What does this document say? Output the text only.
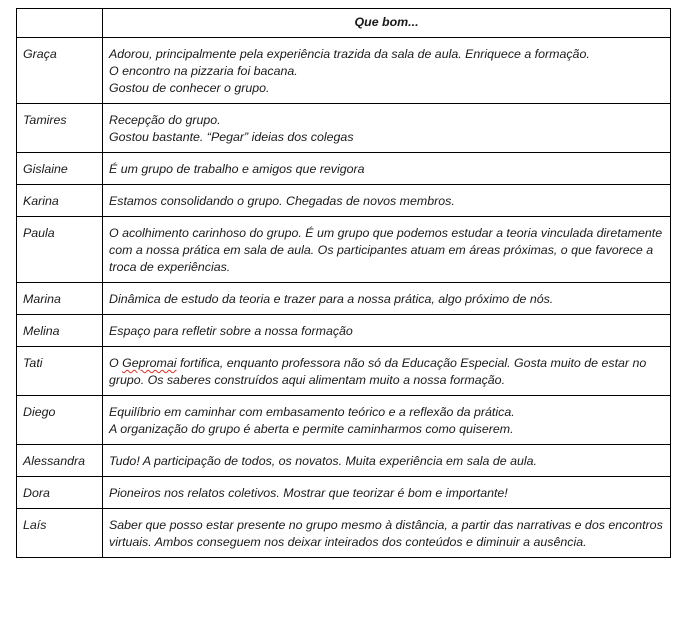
	Que bom...
Graça	Adorou, principalmente pela experiência trazida da sala de aula. Enriquece a formação.
O encontro na pizzaria foi bacana.
Gostou de conhecer o grupo.

Tamires	Recepção do grupo.
Gostou bastante. “Pegar” ideias dos colegas

Gislaine	É um grupo de trabalho e amigos que revigora

Karina	Estamos consolidando o grupo. Chegadas de novos membros.

Paula	O acolhimento carinhoso do grupo. É um grupo que podemos estudar a teoria vinculada diretamente com a nossa prática em sala de aula. Os participantes atuam em áreas próximas, o que favorece a troca de experiências.

Marina	Dinâmica de estudo da teoria e trazer para a nossa prática, algo próximo de nós.

Melina	Espaço para refletir sobre a nossa formação

Tati	O Gepromai fortifica, enquanto professora não só da Educação Especial. Gosta muito de estar no grupo. Os saberes construídos aqui alimentam muito a nossa formação.
Diego	Equilíbrio em caminhar com embasamento teórico e a reflexão da prática.
A organização do grupo é aberta e permite caminharmos como quiserem.

Alessandra	Tudo! A participação de todos, os novatos. Muita experiência em sala de aula.

Dora	Pioneiros nos relatos coletivos. Mostrar que teorizar é bom e importante!

Laís	Saber que posso estar presente no grupo mesmo à distância, a partir das narrativas e dos encontros virtuais. Ambos conseguem nos deixar inteirados dos conteúdos e diminuir a ausência.
